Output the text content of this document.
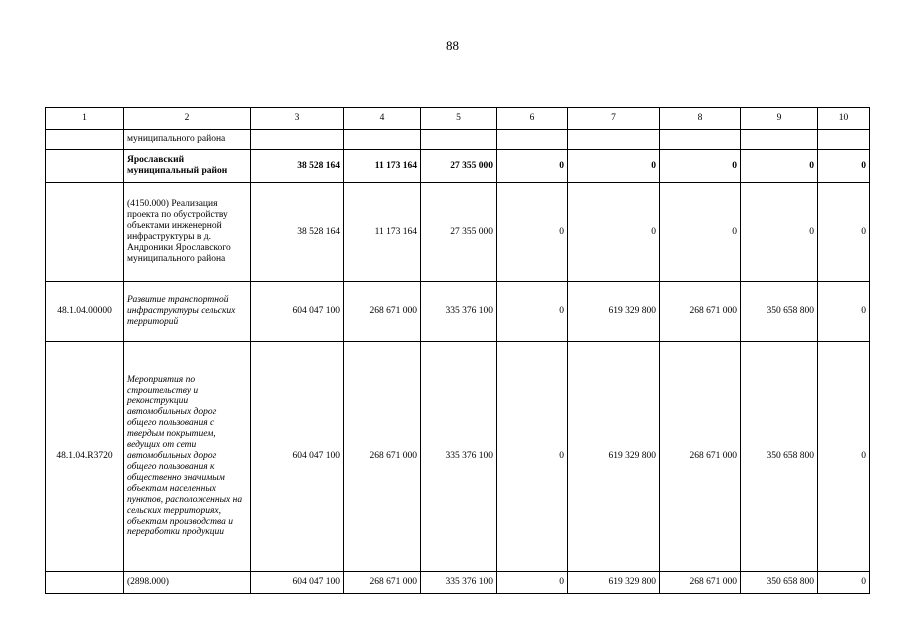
88
1	2	3	4	5	6	7	8	9	10
	муниципального района								
	Ярославский муниципальный район	38 528 164	11 173 164	27 355 000	0	0	0	0	0
	(4150.000) Реализация проекта по обустройству объектами инженерной инфраструктуры в д. Андроники Ярославского муниципального района	38 528 164	11 173 164	27 355 000	0	0	0	0	0
48.1.04.00000	Развитие транспортной инфраструктуры сельских территорий	604 047 100	268 671 000	335 376 100	0	619 329 800	268 671 000	350 658 800	0
48.1.04.R3720	Мероприятия по строительству и реконструкции автомобильных дорог общего пользования с твердым покрытием, ведущих от сети автомобильных дорог общего пользования к общественно значимым объектам населенных пунктов, расположенных на сельских территориях, объектам производства и переработки продукции	604 047 100	268 671 000	335 376 100	0	619 329 800	268 671 000	350 658 800	0
	(2898.000)	604 047 100	268 671 000	335 376 100	0	619 329 800	268 671 000	350 658 800	0
